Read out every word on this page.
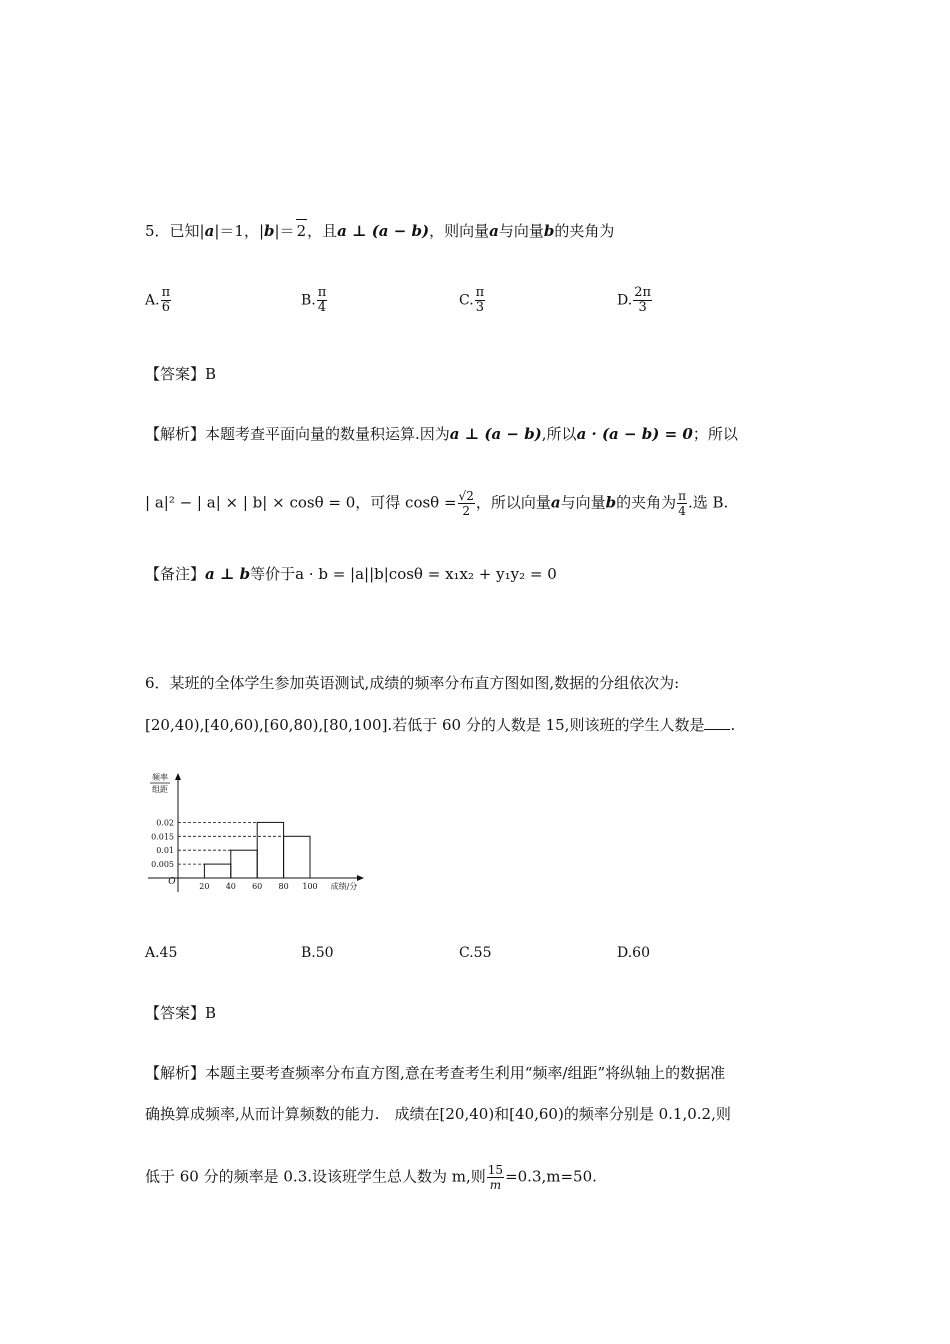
5．已知|a|＝1，|b|＝ 2，且a ⊥ (a − b)，则向量a与向量b的夹角为
A. $\frac{\pi}{6}$	B. $\frac{\pi}{4}$	C. $\frac{\pi}{3}$	D. $\frac{2\pi}{3}$
【答案】B
【解析】本题考查平面向量的数量积运算.因为a ⊥ (a − b),所以a · (a − b) = 0；所以
| a|² − | a| × | b| × cosθ = 0，可得 $\cos\theta = \frac{√2}{2}$ ，所以向量a与向量b的夹角为 $\frac{\pi}{4}$ .选 B.
【备注】a ⊥ b等价于a · b = |a||b|cosθ = x₁x₂ + y₁y₂ = 0
6．某班的全体学生参加英语测试,成绩的频率分布直方图如图,数据的分组依次为:
[20,40),[40,60),[60,80),[80,100].若低于 60 分的人数是 15,则该班的学生人数是 .
0.005
0.01
0.015
0.02
20 40 60 80 100
O	成绩/分
频率
组距
A.45	B.50	C.55	D.60
【答案】B
【解析】本题主要考查频率分布直方图,意在考查考生利用“频率/组距”将纵轴上的数据准
确换算成频率,从而计算频数的能力.　成绩在[20,40)和[40,60)的频率分别是 0.1,0.2,则
低于 60 分的频率是 0.3.设该班学生总人数为 m,则 $\frac{15}{m} =0.3,m=50$.
